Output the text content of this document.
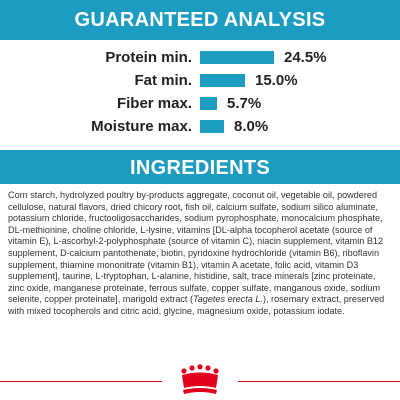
GUARANTEED ANALYSIS
Protein min.	24.5%
Fat min.	15.0%
Fiber max. 5.7%
Moisture max.	8.0%
INGREDIENTS

Corn starch, hydrolyzed poultry by-products aggregate, coconut oil, vegetable oil, powdered cellulose, natural flavors, dried chicory root, fish oil, calcium sulfate, sodium silico aluminate, potassium chloride, fructooligosaccharides, sodium pyrophosphate, monocalcium phosphate, DL-methionine, choline chloride, L-lysine, vitamins [DL-alpha tocopherol acetate (source of vitamin E), L-ascorbyl-2-polyphosphate (source of vitamin C), niacin supplement, vitamin B12 supplement, D-calcium pantothenate, biotin, pyridoxine hydrochloride (vitamin B6), riboflavin supplement, thiamine mononitrate (vitamin B1), vitamin A acetate, folic acid, vitamin D3 supplement], taurine, L-tryptophan, L-alanine, histidine, salt, trace minerals [zinc proteinate, zinc oxide, manganese proteinate, ferrous sulfate, copper sulfate, manganous oxide, sodium selenite, copper proteinate], marigold extract (Tagetes erecta L.), rosemary extract, preserved with mixed tocopherols and citric acid, glycine, magnesium oxide, potassium iodate.
